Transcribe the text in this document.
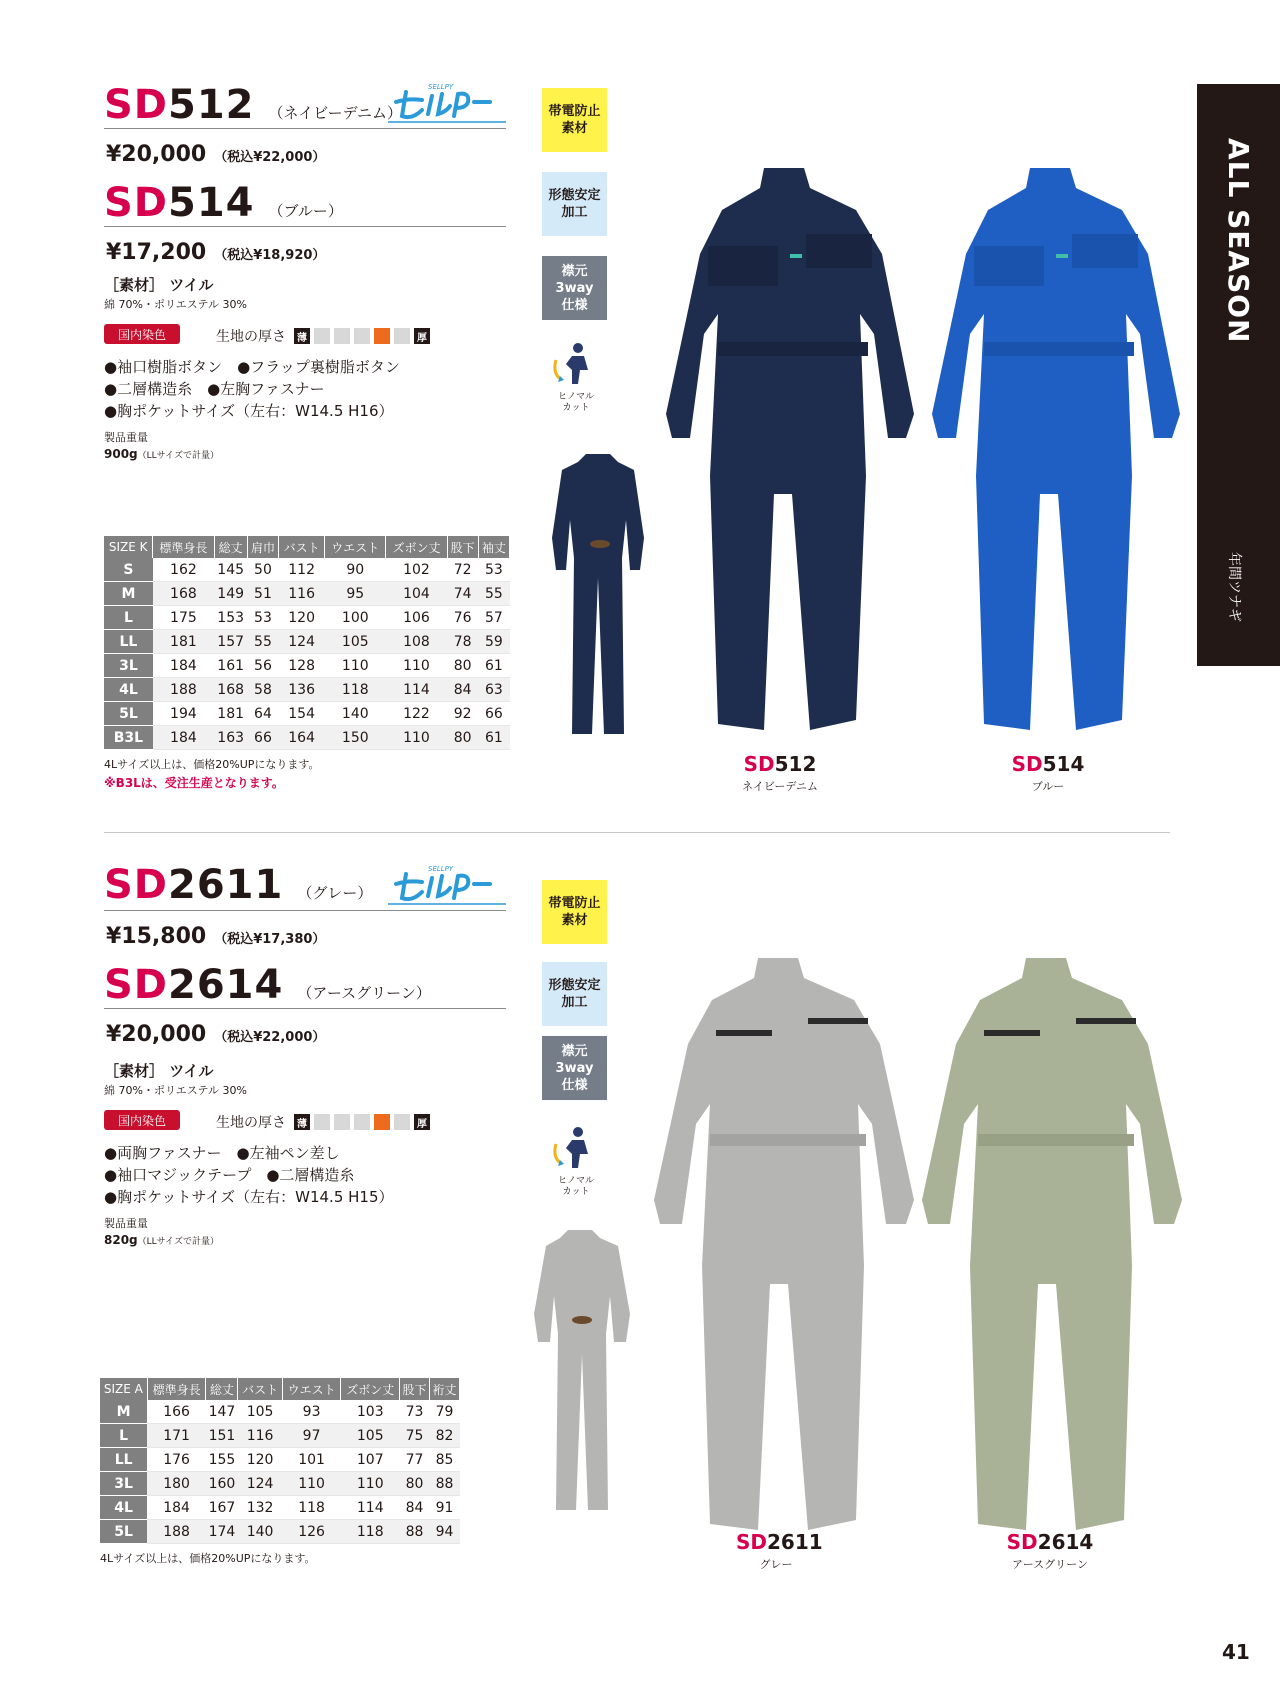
ALL SEASON
年間ツナギ
SD 512 （ネイビーデニム）
SELLPY
¥20,000 （税込¥22,000）
SD 514 （ブルー）
¥17,200 （税込¥18,920）
［素材］ ツイル
綿 70%・ポリエステル 30%
国内染色	生地の厚さ	薄	厚
●袖口樹脂ボタン　●フラップ裏樹脂ボタン
●二層構造糸　●左胸ファスナー
●胸ポケットサイズ（左右：W14.5 H16）
製品重量
900g（LLサイズで計量）
帯電防止
素材
形態安定
加工
襟元
3way
仕様
ヒノマル
カット
SIZE K	標準身長	総丈	肩巾	バスト	ウエスト	ズボン丈	股下	袖丈
S	162	145	50	112	90	102	72	53
M	168	149	51	116	95	104	74	55
L	175	153	53	120	100	106	76	57
LL	181	157	55	124	105	108	78	59
3L	184	161	56	128	110	110	80	61
4L	188	168	58	136	118	114	84	63
5L	194	181	64	154	140	122	92	66
B3L	184	163	66	164	150	110	80	61
4Lサイズ以上は、価格20%UPになります。
※B3Lは、受注生産となります。
SD512
ネイビーデニム
SD514
ブルー
SD 2611 （グレー）
SELLPY
¥15,800 （税込¥17,380）
SD 2614 （アースグリーン）
¥20,000 （税込¥22,000）
［素材］ ツイル
綿 70%・ポリエステル 30%
国内染色	生地の厚さ	薄	厚
●両胸ファスナー　●左袖ペン差し
●袖口マジックテープ　●二層構造糸
●胸ポケットサイズ（左右：W14.5 H15）
製品重量
820g（LLサイズで計量）
帯電防止
素材
形態安定
加工
襟元
3way
仕様
ヒノマル
カット
SIZE A	標準身長	総丈	バスト	ウエスト	ズボン丈	股下	裄丈
M	166	147	105	93	103	73	79
L	171	151	116	97	105	75	82
LL	176	155	120	101	107	77	85
3L	180	160	124	110	110	80	88
4L	184	167	132	118	114	84	91
5L	188	174	140	126	118	88	94
4Lサイズ以上は、価格20%UPになります。
SD2611
グレー
SD2614
アースグリーン
41
